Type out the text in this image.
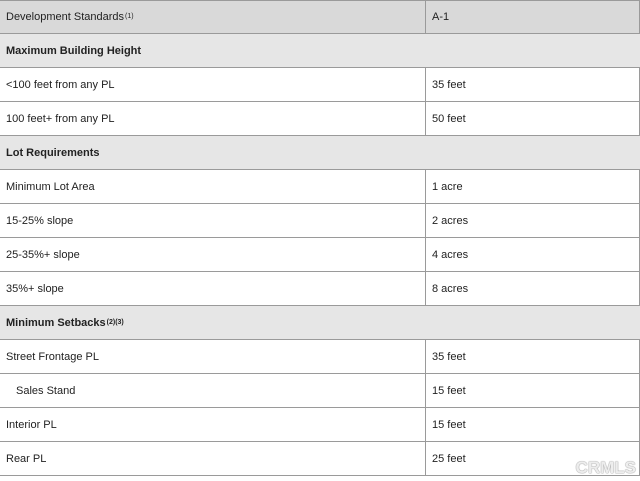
Development Standards (1)	A-1
Maximum Building Height
<100 feet from any PL	35 feet
100 feet+ from any PL	50 feet
Lot Requirements
Minimum Lot Area	1 acre
15-25% slope	2 acres
25-35%+ slope	4 acres
35%+ slope	8 acres
Minimum Setbacks (2)(3)
Street Frontage PL	35 feet
Sales Stand	15 feet
Interior PL	15 feet
Rear PL	25 feet	CRMLS
